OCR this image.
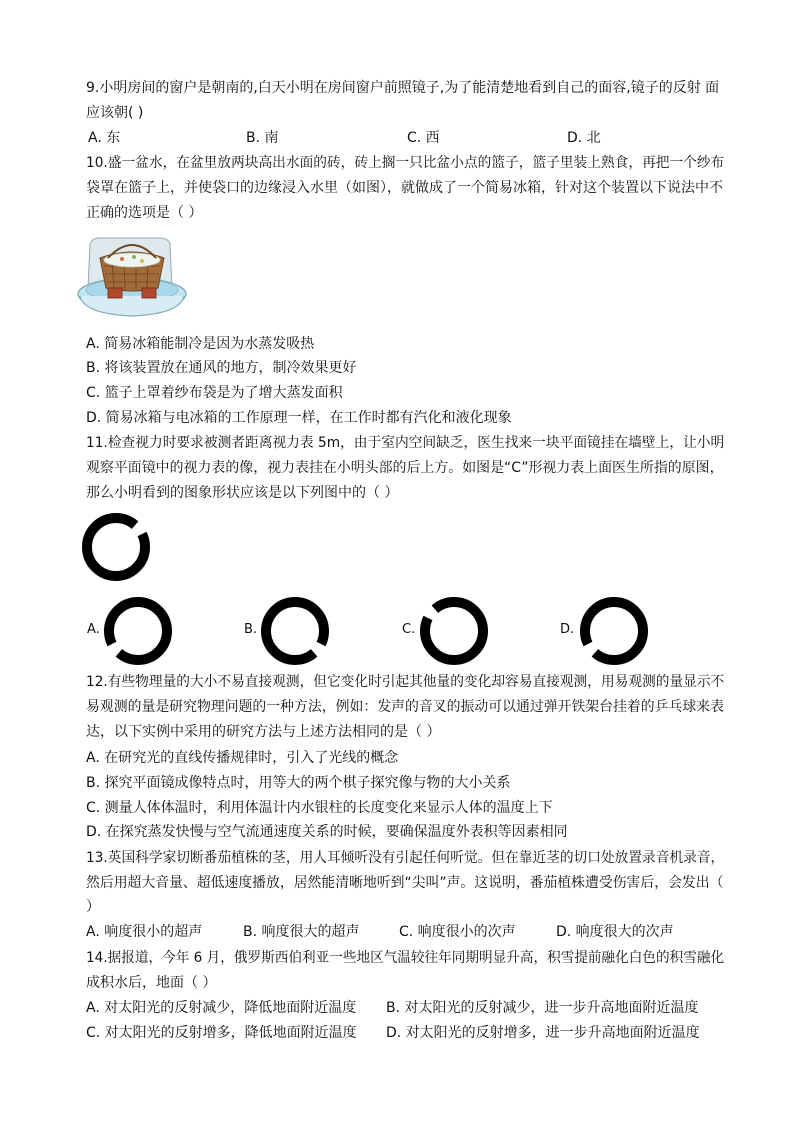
9.小明房间的窗户是朝南的,白天小明在房间窗户前照镜子,为了能清楚地看到自己的面容,镜子的反射 面
应该朝( )
A. 东	B. 南	C. 西	D. 北
10.盛一盆水，在盆里放两块高出水面的砖，砖上搁一只比盆小点的篮子，篮子里装上熟食，再把一个纱布
袋罩在篮子上，并使袋口的边缘浸入水里（如图），就做成了一个简易冰箱，针对这个装置以下说法中不
正确的选项是（ ）
A. 简易冰箱能制冷是因为水蒸发吸热
B. 将该装置放在通风的地方，制冷效果更好
C. 篮子上罩着纱布袋是为了增大蒸发面积
D. 简易冰箱与电冰箱的工作原理一样，在工作时都有汽化和液化现象
11.检查视力时要求被测者距离视力表 5m，由于室内空间缺乏，医生找来一块平面镜挂在墙壁上，让小明
观察平面镜中的视力表的像，视力表挂在小明头部的后上方。如图是“C”形视力表上面医生所指的原图，
那么小明看到的图象形状应该是以下列图中的（ ）
A.	B.	C.	D.
12.有些物理量的大小不易直接观测，但它变化时引起其他量的变化却容易直接观测，用易观测的量显示不
易观测的量是研究物理问题的一种方法，例如：发声的音叉的振动可以通过弹开铁架台挂着的乒乓球来表
达，以下实例中采用的研究方法与上述方法相同的是（ ）
A. 在研究光的直线传播规律时，引入了光线的概念
B. 探究平面镜成像特点时，用等大的两个棋子探究像与物的大小关系
C. 测量人体体温时，利用体温计内水银柱的长度变化来显示人体的温度上下
D. 在探究蒸发快慢与空气流通速度关系的时候，要确保温度外表积等因素相同
13.英国科学家切断番茄植株的茎，用人耳倾听没有引起任何听觉。但在靠近茎的切口处放置录音机录音，
然后用超大音量、超低速度播放，居然能清晰地听到“尖叫”声。这说明，番茄植株遭受伤害后，会发出（
）
A. 响度很小的超声	B. 响度很大的超声	C. 响度很小的次声	D. 响度很大的次声
14.据报道，今年 6 月，俄罗斯西伯利亚一些地区气温较往年同期明显升高，积雪提前融化白色的积雪融化
成积水后，地面（ ）
A. 对太阳光的反射减少，降低地面附近温度 B. 对太阳光的反射减少，进一步升高地面附近温度
C. 对太阳光的反射增多，降低地面附近温度 D. 对太阳光的反射增多，进一步升高地面附近温度
